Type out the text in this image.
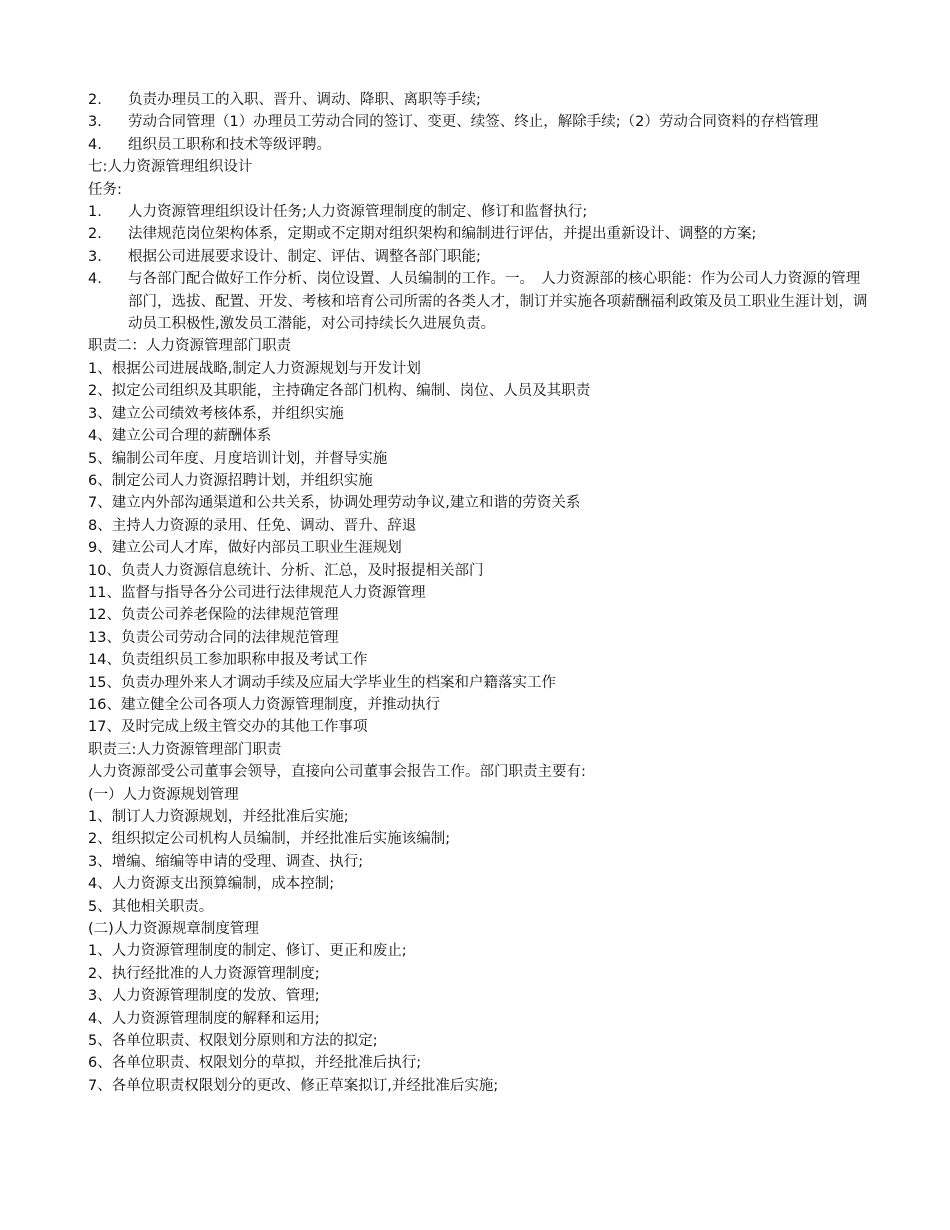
2.	负责办理员工的入职、晋升、调动、降职、离职等手续;
3.	劳动合同管理（1）办理员工劳动合同的签订、变更、续签、终止，解除手续;（2）劳动合同资料的存档管理
4.	组织员工职称和技术等级评聘。
七:人力资源管理组织设计
任务:
1.	人力资源管理组织设计任务;人力资源管理制度的制定、修订和监督执行;
2.	法律规范岗位架构体系，定期或不定期对组织架构和编制进行评估，并提出重新设计、调整的方案;
3.	根据公司进展要求设计、制定、评估、调整各部门职能;
4.	与各部门配合做好工作分析、岗位设置、人员编制的工作。一。　人力资源部的核心职能：作为公司人力资源的管理部门，选拔、配置、开发、考核和培育公司所需的各类人才，制订并实施各项薪酬福利政策及员工职业生涯计划，调动员工积极性,激发员工潜能，对公司持续长久进展负责。
职责二：人力资源管理部门职责
1、根据公司进展战略,制定人力资源规划与开发计划
2、拟定公司组织及其职能，主持确定各部门机构、编制、岗位、人员及其职责
3、建立公司绩效考核体系，并组织实施
4、建立公司合理的薪酬体系
5、编制公司年度、月度培训计划，并督导实施
6、制定公司人力资源招聘计划，并组织实施
7、建立内外部沟通渠道和公共关系，协调处理劳动争议,建立和谐的劳资关系
8、主持人力资源的录用、任免、调动、晋升、辞退
9、建立公司人才库，做好内部员工职业生涯规划
10、负责人力资源信息统计、分析、汇总，及时报提相关部门
11、监督与指导各分公司进行法律规范人力资源管理
12、负责公司养老保险的法律规范管理
13、负责公司劳动合同的法律规范管理
14、负责组织员工参加职称申报及考试工作
15、负责办理外来人才调动手续及应届大学毕业生的档案和户籍落实工作
16、建立健全公司各项人力资源管理制度，并推动执行
17、及时完成上级主管交办的其他工作事项
职责三:人力资源管理部门职责
人力资源部受公司董事会领导，直接向公司董事会报告工作。部门职责主要有:
(一）人力资源规划管理
1、制订人力资源规划，并经批准后实施;
2、组织拟定公司机构人员编制，并经批准后实施该编制;
3、增编、缩编等申请的受理、调查、执行;
4、人力资源支出预算编制，成本控制;
5、其他相关职责。
(二)人力资源规章制度管理
1、人力资源管理制度的制定、修订、更正和废止;
2、执行经批准的人力资源管理制度;
3、人力资源管理制度的发放、管理;
4、人力资源管理制度的解释和运用;
5、各单位职责、权限划分原则和方法的拟定;
6、各单位职责、权限划分的草拟，并经批准后执行;
7、各单位职责权限划分的更改、修正草案拟订,并经批准后实施;
